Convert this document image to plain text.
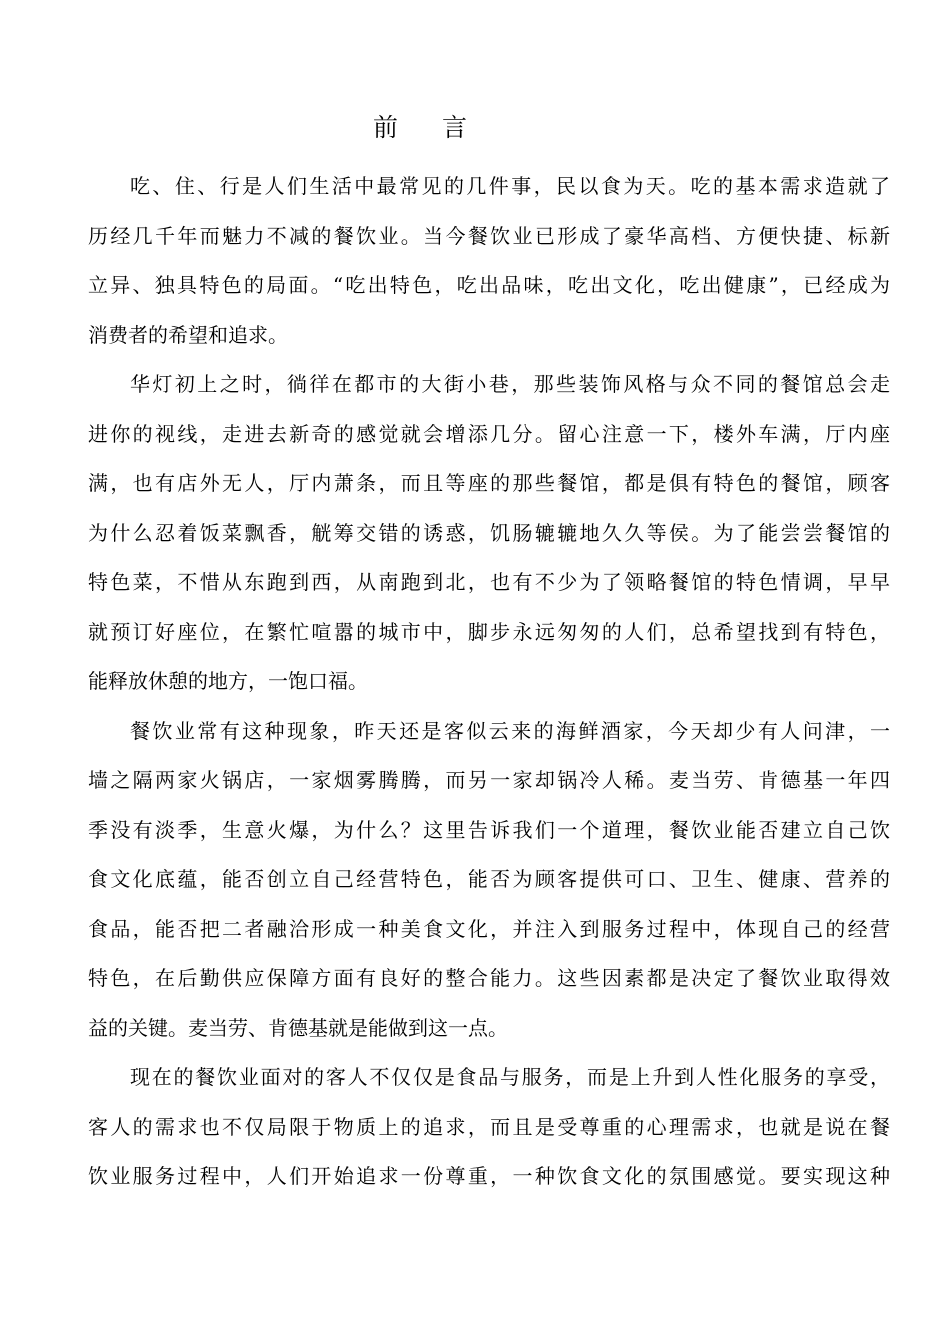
前 言
吃、住、行是人们生活中最常见的几件事，民以食为天。吃的基本需求造就了
历经几千年而魅力不减的餐饮业。当今餐饮业已形成了豪华高档、方便快捷、标新
立异、独具特色的局面。“吃出特色，吃出品味，吃出文化，吃出健康”，已经成为
消费者的希望和追求。
华灯初上之时，徜徉在都市的大街小巷，那些装饰风格与众不同的餐馆总会走
进你的视线，走进去新奇的感觉就会增添几分。留心注意一下，楼外车满，厅内座
满，也有店外无人，厅内萧条，而且等座的那些餐馆，都是俱有特色的餐馆，顾客
为什么忍着饭菜飘香，觥筹交错的诱惑，饥肠辘辘地久久等侯。为了能尝尝餐馆的
特色菜，不惜从东跑到西，从南跑到北，也有不少为了领略餐馆的特色情调，早早
就预订好座位，在繁忙喧嚣的城市中，脚步永远匆匆的人们，总希望找到有特色，
能释放休憩的地方，一饱口福。
餐饮业常有这种现象，昨天还是客似云来的海鲜酒家，今天却少有人问津，一
墙之隔两家火锅店，一家烟雾腾腾，而另一家却锅冷人稀。麦当劳、肯德基一年四
季没有淡季，生意火爆，为什么？这里告诉我们一个道理，餐饮业能否建立自己饮
食文化底蕴，能否创立自己经营特色，能否为顾客提供可口、卫生、健康、营养的
食品，能否把二者融洽形成一种美食文化，并注入到服务过程中，体现自己的经营
特色，在后勤供应保障方面有良好的整合能力。这些因素都是决定了餐饮业取得效
益的关键。麦当劳、肯德基就是能做到这一点。
现在的餐饮业面对的客人不仅仅是食品与服务，而是上升到人性化服务的享受，
客人的需求也不仅局限于物质上的追求，而且是受尊重的心理需求，也就是说在餐
饮业服务过程中，人们开始追求一份尊重，一种饮食文化的氛围感觉。要实现这种
